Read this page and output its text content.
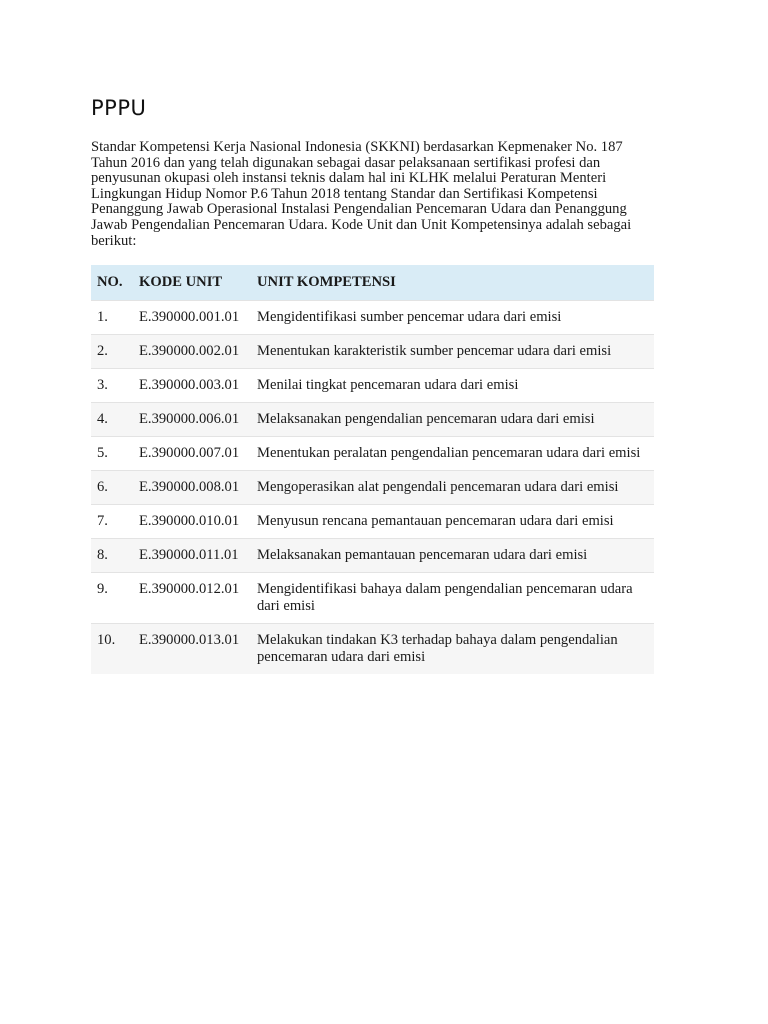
PPPU

Standar Kompetensi Kerja Nasional Indonesia (SKKNI) berdasarkan Kepmenaker No. 187 Tahun 2016 dan yang telah digunakan sebagai dasar pelaksanaan sertifikasi profesi dan penyusunan okupasi oleh instansi teknis dalam hal ini KLHK melalui Peraturan Menteri Lingkungan Hidup Nomor P.6 Tahun 2018 tentang Standar dan Sertifikasi Kompetensi Penanggung Jawab Operasional Instalasi Pengendalian Pencemaran Udara dan Penanggung Jawab Pengendalian Pencemaran Udara. Kode Unit dan Unit Kompetensinya adalah sebagai berikut:

NO.	KODE UNIT	UNIT KOMPETENSI
1.	E.390000.001.01	Mengidentifikasi sumber pencemar udara dari emisi
2.	E.390000.002.01	Menentukan karakteristik sumber pencemar udara dari emisi
3.	E.390000.003.01	Menilai tingkat pencemaran udara dari emisi
4.	E.390000.006.01	Melaksanakan pengendalian pencemaran udara dari emisi
5.	E.390000.007.01	Menentukan peralatan pengendalian pencemaran udara dari emisi
6.	E.390000.008.01	Mengoperasikan alat pengendali pencemaran udara dari emisi
7.	E.390000.010.01	Menyusun rencana pemantauan pencemaran udara dari emisi
8.	E.390000.011.01	Melaksanakan pemantauan pencemaran udara dari emisi
9.	E.390000.012.01	Mengidentifikasi bahaya dalam pengendalian pencemaran udara dari emisi
10.	E.390000.013.01	Melakukan tindakan K3 terhadap bahaya dalam pengendalian pencemaran udara dari emisi
